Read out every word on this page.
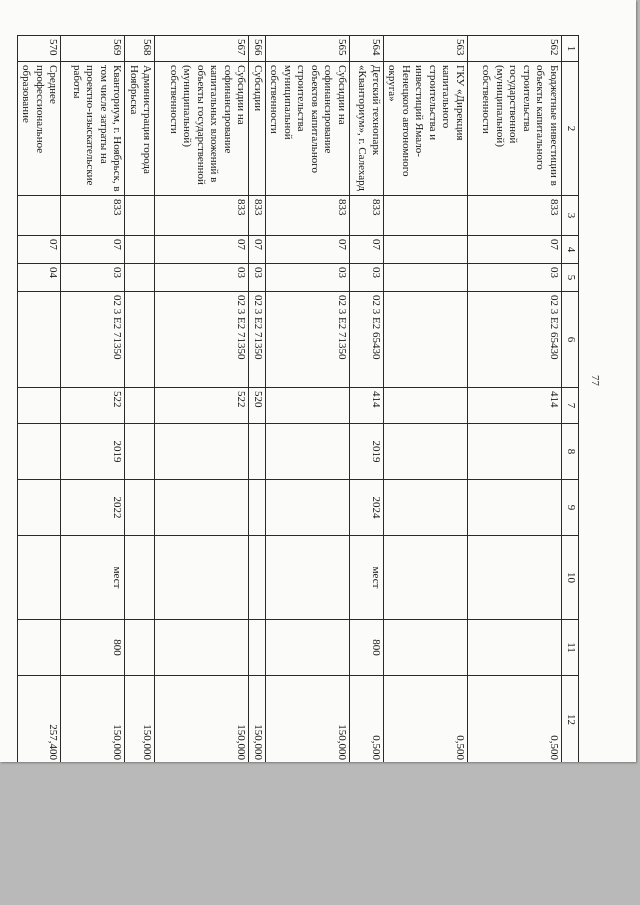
77
1	2	3	4	5	6	7	8	9	10	11	12
562	Бюджетные инвестиции в объекты капитального строительства государственной (муниципальной) собственности	833	07	03	02 3 E2 65430	414					0,500
563	ГКУ «Дирекция капитального строительства и инвестиций Ямало-Ненецкого автономного округа»										0,500
564	Детский технопарк «Кванториум», г. Салехард	833	07	03	02 3 E2 65430	414	2019	2024	мест	800	0,500
565	Субсидии на софинансирование объектов капитального строительства муниципальной собственности	833	07	03	02 3 E2 71350						150,000
566	Субсидии	833	07	03	02 3 E2 71350	520					150,000
567	Субсидии на софинансирование капитальных вложений в объекты государственной (муниципальной) собственности	833	07	03	02 3 E2 71350	522					150,000
568	Администрация города Ноябрьска										150,000
569	Кванториум, г. Ноябрьск, в том числе затраты на проектно-изыскательские работы	833	07	03	02 3 E2 71350	522	2019	2022	мест	800	150,000
570	Среднее профессиональное образование		07	04							257,400
